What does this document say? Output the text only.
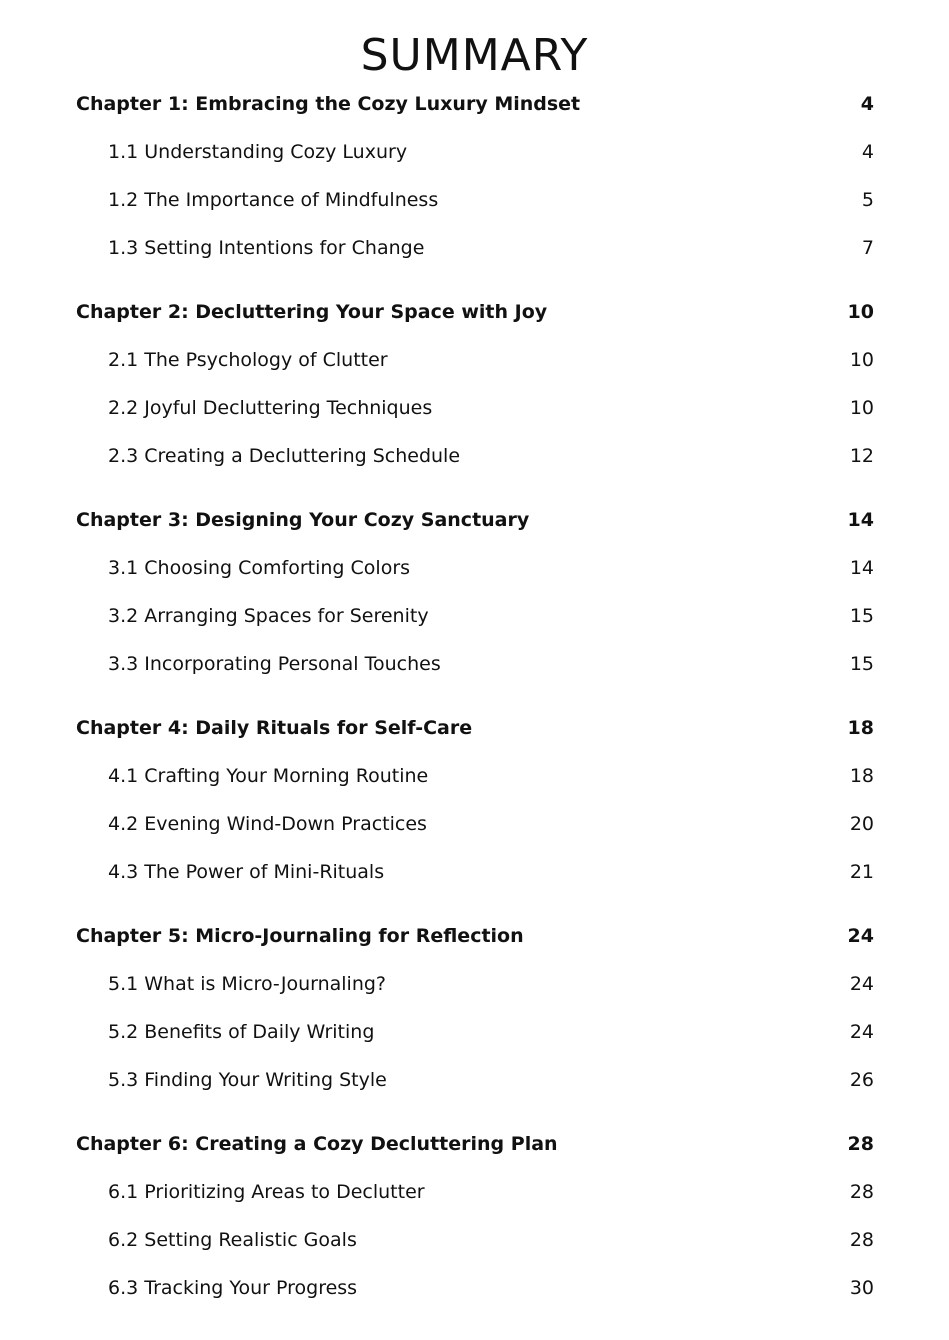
SUMMARY
Chapter 1: Embracing the Cozy Luxury Mindset	4
1.1 Understanding Cozy Luxury	4
1.2 The Importance of Mindfulness	5
1.3 Setting Intentions for Change	7
Chapter 2: Decluttering Your Space with Joy	10
2.1 The Psychology of Clutter	10
2.2 Joyful Decluttering Techniques	10
2.3 Creating a Decluttering Schedule	12
Chapter 3: Designing Your Cozy Sanctuary	14
3.1 Choosing Comforting Colors	14
3.2 Arranging Spaces for Serenity	15
3.3 Incorporating Personal Touches	15
Chapter 4: Daily Rituals for Self-Care	18
4.1 Crafting Your Morning Routine	18
4.2 Evening Wind-Down Practices	20
4.3 The Power of Mini-Rituals	21
Chapter 5: Micro-Journaling for Reflection	24
5.1 What is Micro-Journaling?	24
5.2 Benefits of Daily Writing	24
5.3 Finding Your Writing Style	26
Chapter 6: Creating a Cozy Decluttering Plan	28
6.1 Prioritizing Areas to Declutter	28
6.2 Setting Realistic Goals	28
6.3 Tracking Your Progress	30
